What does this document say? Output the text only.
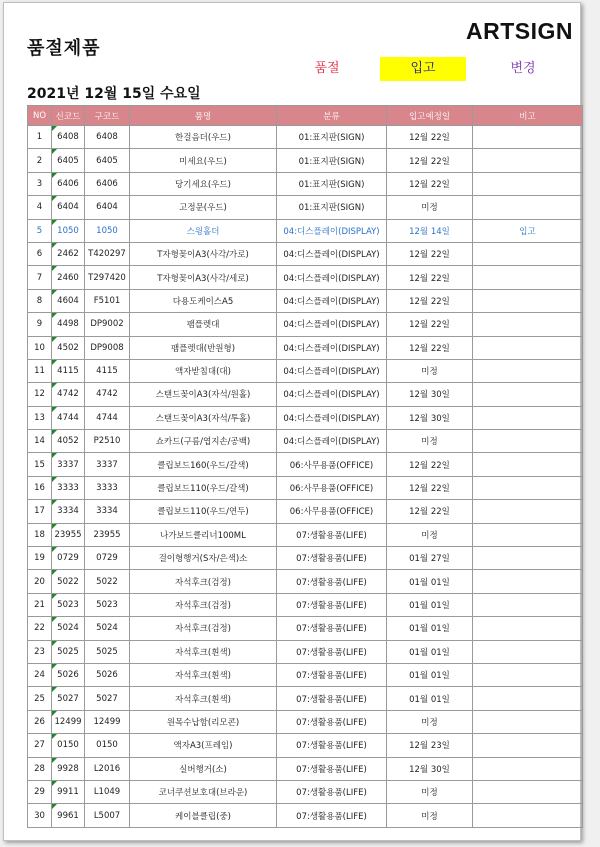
품절제품
ARTSIGN
품절	입고	변경
2021년 12월 15일 수요일
NO	신코드	구코드	품명	분류	입고예정일	비고
1	6408	6408	한걸음더(우드)	01:표지판(SIGN)	12월 22일	
2	6405	6405	미세요(우드)	01:표지판(SIGN)	12월 22일	
3	6406	6406	당기세요(우드)	01:표지판(SIGN)	12월 22일	
4	6404	6404	고정문(우드)	01:표지판(SIGN)	미정	
5	1050	1050	스윙홀더	04:디스플레이(DISPLAY)	12월 14일	입고
6	2462	T420297	T자형꽂이A3(사각/가로)	04:디스플레이(DISPLAY)	12월 22일	
7	2460	T297420	T자형꽂이A3(사각/세로)	04:디스플레이(DISPLAY)	12월 22일	
8	4604	F5101	다용도케이스A5	04:디스플레이(DISPLAY)	12월 22일	
9	4498	DP9002	팸플렛대	04:디스플레이(DISPLAY)	12월 22일	
10	4502	DP9008	팸플렛대(반원형)	04:디스플레이(DISPLAY)	12월 22일	
11	4115	4115	액자받침대(대)	04:디스플레이(DISPLAY)	미정	
12	4742	4742	스탠드꽂이A3(자석/원홀)	04:디스플레이(DISPLAY)	12월 30일	
13	4744	4744	스탠드꽂이A3(자석/투홀)	04:디스플레이(DISPLAY)	12월 30일	
14	4052	P2510	쇼카드(구름/엽지손/공백)	04:디스플레이(DISPLAY)	미정	
15	3337	3337	클립보드160(우드/갈색)	06:사무용품(OFFICE)	12월 22일	
16	3333	3333	클립보드110(우드/갈색)	06:사무용품(OFFICE)	12월 22일	
17	3334	3334	클립보드110(우드/연두)	06:사무용품(OFFICE)	12월 22일	
18	23955	23955	나가보드클리너100ML	07:생활용품(LIFE)	미정	
19	0729	0729	걸이형행거(S자/은색)소	07:생활용품(LIFE)	01월 27일	
20	5022	5022	자석후크(검정)	07:생활용품(LIFE)	01월 01일	
21	5023	5023	자석후크(검정)	07:생활용품(LIFE)	01월 01일	
22	5024	5024	자석후크(검정)	07:생활용품(LIFE)	01월 01일	
23	5025	5025	자석후크(흰색)	07:생활용품(LIFE)	01월 01일	
24	5026	5026	자석후크(흰색)	07:생활용품(LIFE)	01월 01일	
25	5027	5027	자석후크(흰색)	07:생활용품(LIFE)	01월 01일	
26	12499	12499	원목수납함(리모콘)	07:생활용품(LIFE)	미정	
27	0150	0150	액자A3(프레임)	07:생활용품(LIFE)	12월 23일	
28	9928	L2016	실버행거(소)	07:생활용품(LIFE)	12월 30일	
29	9911	L1049	코너쿠션보호대(브라운)	07:생활용품(LIFE)	미정	
30	9961	L5007	케이블클립(중)	07:생활용품(LIFE)	미정	
